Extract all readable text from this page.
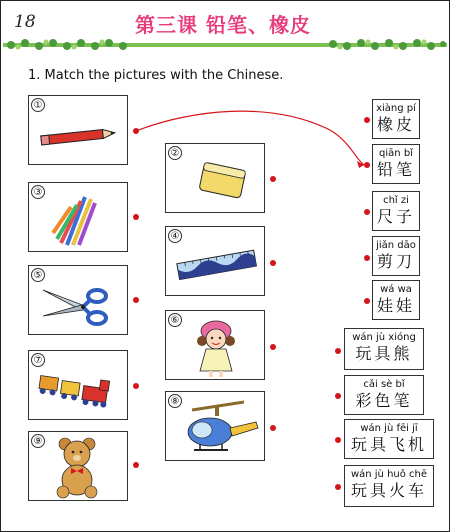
18	第三课 铅笔、橡皮
1. Match the pictures with the Chinese.
①
②
③
④
⑤
⑥
⑦
⑧
⑨
xiàng pí
橡皮
qiān bǐ
铅笔
chǐ zi
尺子
jiǎn dāo
剪刀
wá wa
娃娃
wán jù xióng
玩具熊
cǎi sè bǐ
彩色笔
wán jù fēi jī
玩具飞机
wán jù huǒ chē
玩具火车
